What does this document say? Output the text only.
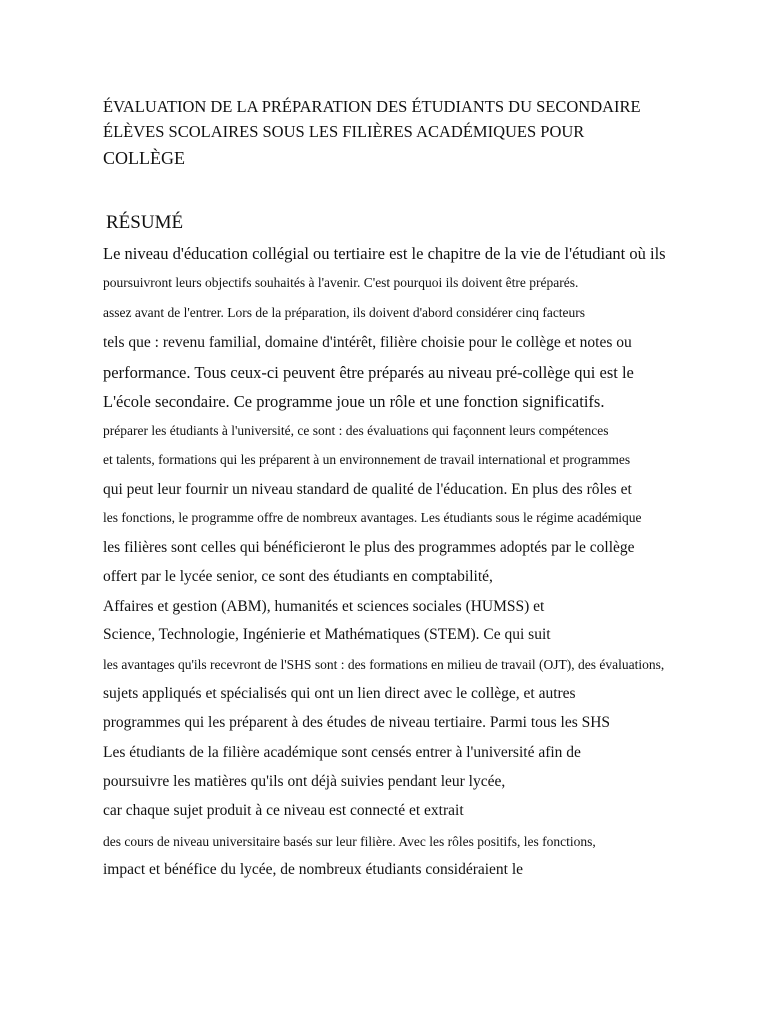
ÉVALUATION DE LA PRÉPARATION DES ÉTUDIANTS DU SECONDAIRE
ÉLÈVES SCOLAIRES SOUS LES FILIÈRES ACADÉMIQUES POUR
COLLÈGE
RÉSUMÉ

Le niveau d'éducation collégial ou tertiaire est le chapitre de la vie de l'étudiant où ils

poursuivront leurs objectifs souhaités à l'avenir. C'est pourquoi ils doivent être préparés.

assez avant de l'entrer. Lors de la préparation, ils doivent d'abord considérer cinq facteurs

tels que : revenu familial, domaine d'intérêt, filière choisie pour le collège et notes ou

performance. Tous ceux-ci peuvent être préparés au niveau pré-collège qui est le

L'école secondaire. Ce programme joue un rôle et une fonction significatifs.

préparer les étudiants à l'université, ce sont : des évaluations qui façonnent leurs compétences

et talents, formations qui les préparent à un environnement de travail international et programmes

qui peut leur fournir un niveau standard de qualité de l'éducation. En plus des rôles et

les fonctions, le programme offre de nombreux avantages. Les étudiants sous le régime académique

les filières sont celles qui bénéficieront le plus des programmes adoptés par le collège

offert par le lycée senior, ce sont des étudiants en comptabilité,

Affaires et gestion (ABM), humanités et sciences sociales (HUMSS) et

Science, Technologie, Ingénierie et Mathématiques (STEM). Ce qui suit

les avantages qu'ils recevront de l'SHS sont : des formations en milieu de travail (OJT), des évaluations,

sujets appliqués et spécialisés qui ont un lien direct avec le collège, et autres

programmes qui les préparent à des études de niveau tertiaire. Parmi tous les SHS

Les étudiants de la filière académique sont censés entrer à l'université afin de

poursuivre les matières qu'ils ont déjà suivies pendant leur lycée,

car chaque sujet produit à ce niveau est connecté et extrait

des cours de niveau universitaire basés sur leur filière. Avec les rôles positifs, les fonctions,

impact et bénéfice du lycée, de nombreux étudiants considéraient le
